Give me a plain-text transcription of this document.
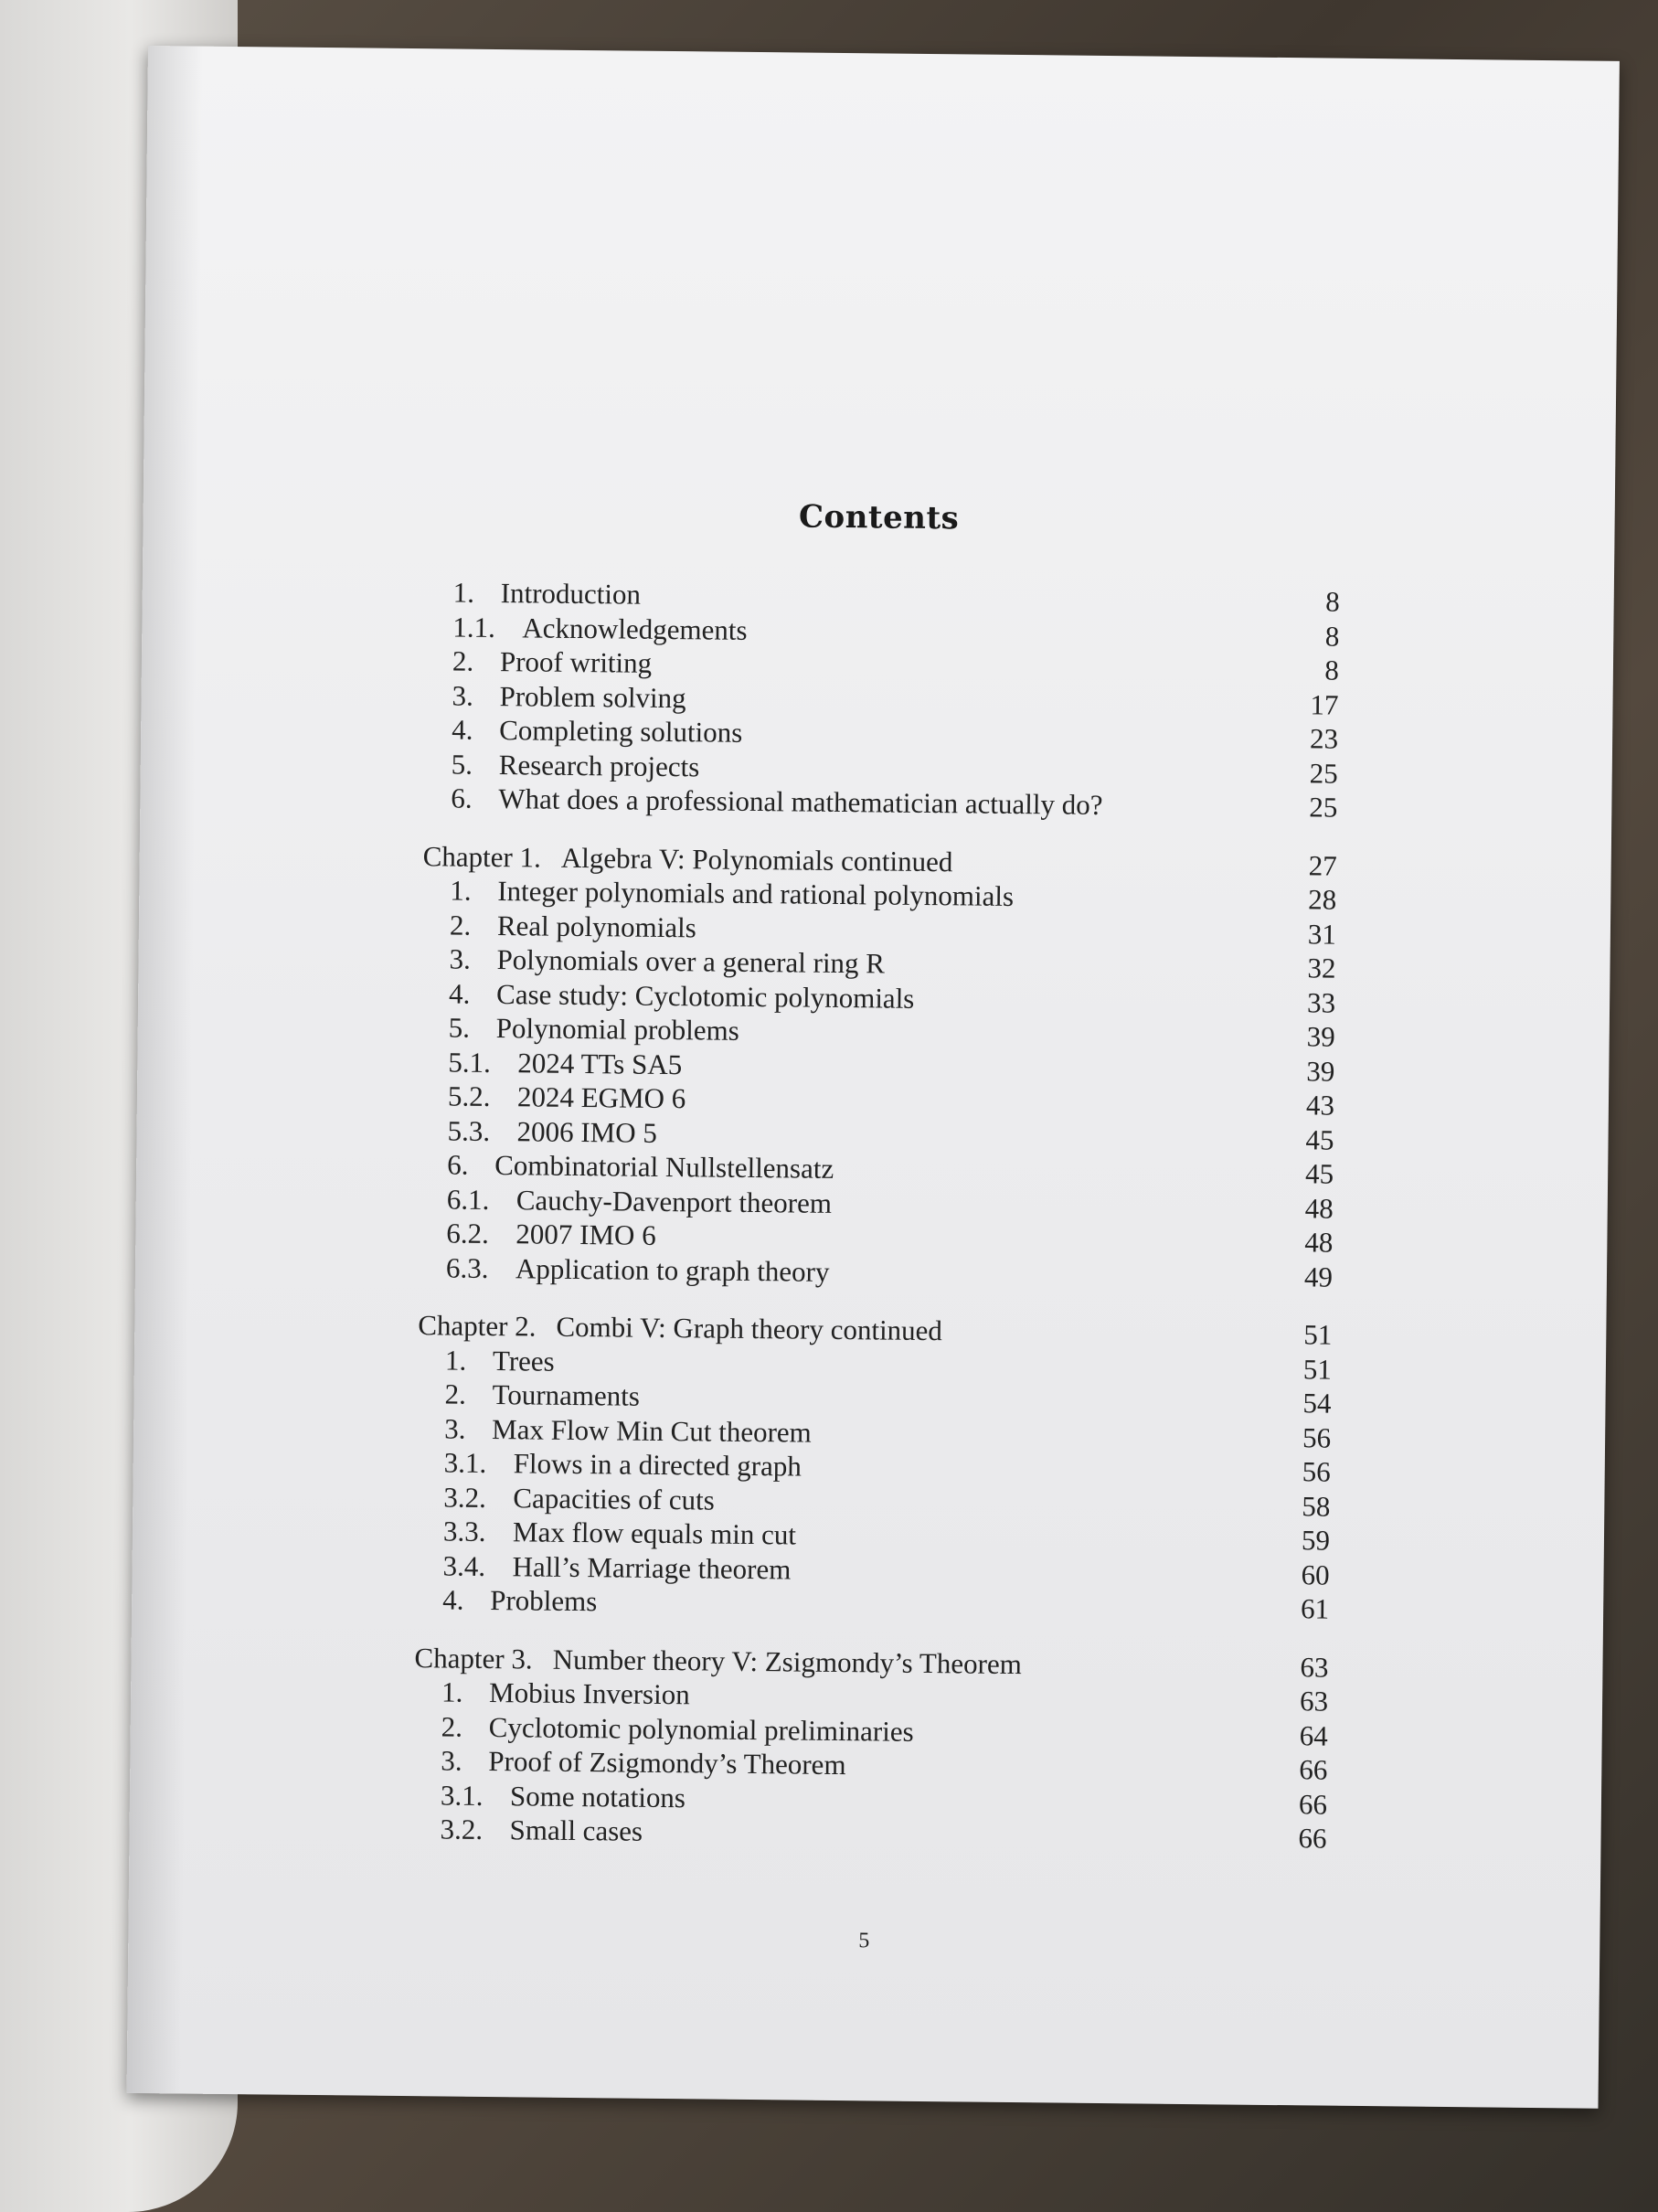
Contents
1. Introduction	8
1.1. Acknowledgements	8
2. Proof writing	8
3. Problem solving	17
4. Completing solutions	23
5. Research projects	25
6. What does a professional mathematician actually do?	25
Chapter 1. Algebra V: Polynomials continued	27
1. Integer polynomials and rational polynomials	28
2. Real polynomials	31
3. Polynomials over a general ring R	32
4. Case study: Cyclotomic polynomials	33
5. Polynomial problems	39
5.1. 2024 TTs SA5	39
5.2. 2024 EGMO 6	43
5.3. 2006 IMO 5	45
6. Combinatorial Nullstellensatz	45
6.1. Cauchy-Davenport theorem	48
6.2. 2007 IMO 6	48
6.3. Application to graph theory	49
Chapter 2. Combi V: Graph theory continued	51
1. Trees	51
2. Tournaments	54
3. Max Flow Min Cut theorem	56
3.1. Flows in a directed graph	56
3.2. Capacities of cuts	58
3.3. Max flow equals min cut	59
3.4. Hall’s Marriage theorem	60
4. Problems	61
Chapter 3. Number theory V: Zsigmondy’s Theorem	63
1. Mobius Inversion	63
2. Cyclotomic polynomial preliminaries	64
3. Proof of Zsigmondy’s Theorem	66
3.1. Some notations	66
3.2. Small cases	66
5
